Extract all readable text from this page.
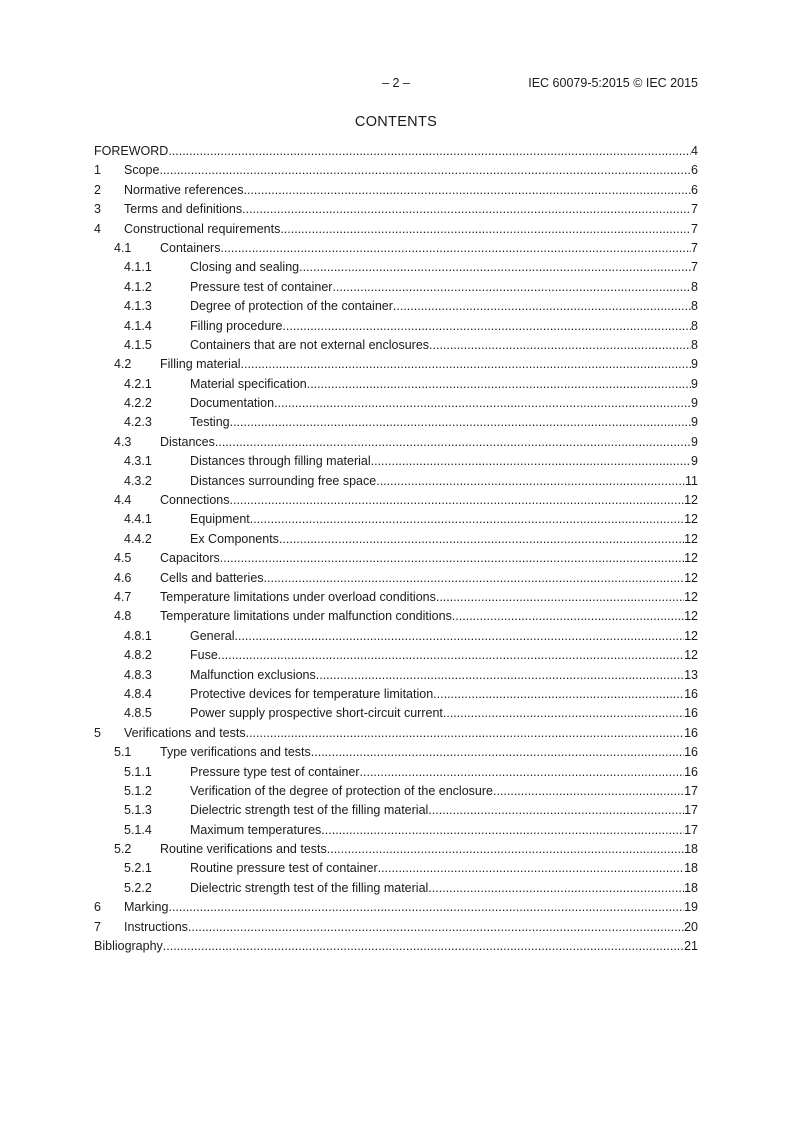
– 2 –	IEC 60079-5:2015 © IEC 2015
CONTENTS
FOREWORD .....	4
1	Scope .....	6
2	Normative references .....	6
3	Terms and definitions .....	7
4	Constructional requirements .....	7
4.1	Containers .....	7
4.1.1	Closing and sealing .....	7
4.1.2	Pressure test of container .....	8
4.1.3	Degree of protection of the container .....	8
4.1.4	Filling procedure .....	8
4.1.5	Containers that are not external enclosures .....	8
4.2	Filling material .....	9
4.2.1	Material specification .....	9
4.2.2	Documentation .....	9
4.2.3	Testing .....	9
4.3	Distances .....	9
4.3.1	Distances through filling material .....	9
4.3.2	Distances surrounding free space .....	11
4.4	Connections .....	12
4.4.1	Equipment .....	12
4.4.2	Ex Components .....	12
4.5	Capacitors .....	12
4.6	Cells and batteries .....	12
4.7	Temperature limitations under overload conditions .....	12
4.8	Temperature limitations under malfunction conditions .....	12
4.8.1	General .....	12
4.8.2	Fuse .....	12
4.8.3	Malfunction exclusions .....	13
4.8.4	Protective devices for temperature limitation .....	16
4.8.5	Power supply prospective short-circuit current .....	16
5	Verifications and tests .....	16
5.1	Type verifications and tests .....	16
5.1.1	Pressure type test of container .....	16
5.1.2	Verification of the degree of protection of the enclosure .....	17
5.1.3	Dielectric strength test of the filling material .....	17
5.1.4	Maximum temperatures .....	17
5.2	Routine verifications and tests .....	18
5.2.1	Routine pressure test of container .....	18
5.2.2	Dielectric strength test of the filling material .....	18
6	Marking .....	19
7	Instructions .....	20
Bibliography .....	21
